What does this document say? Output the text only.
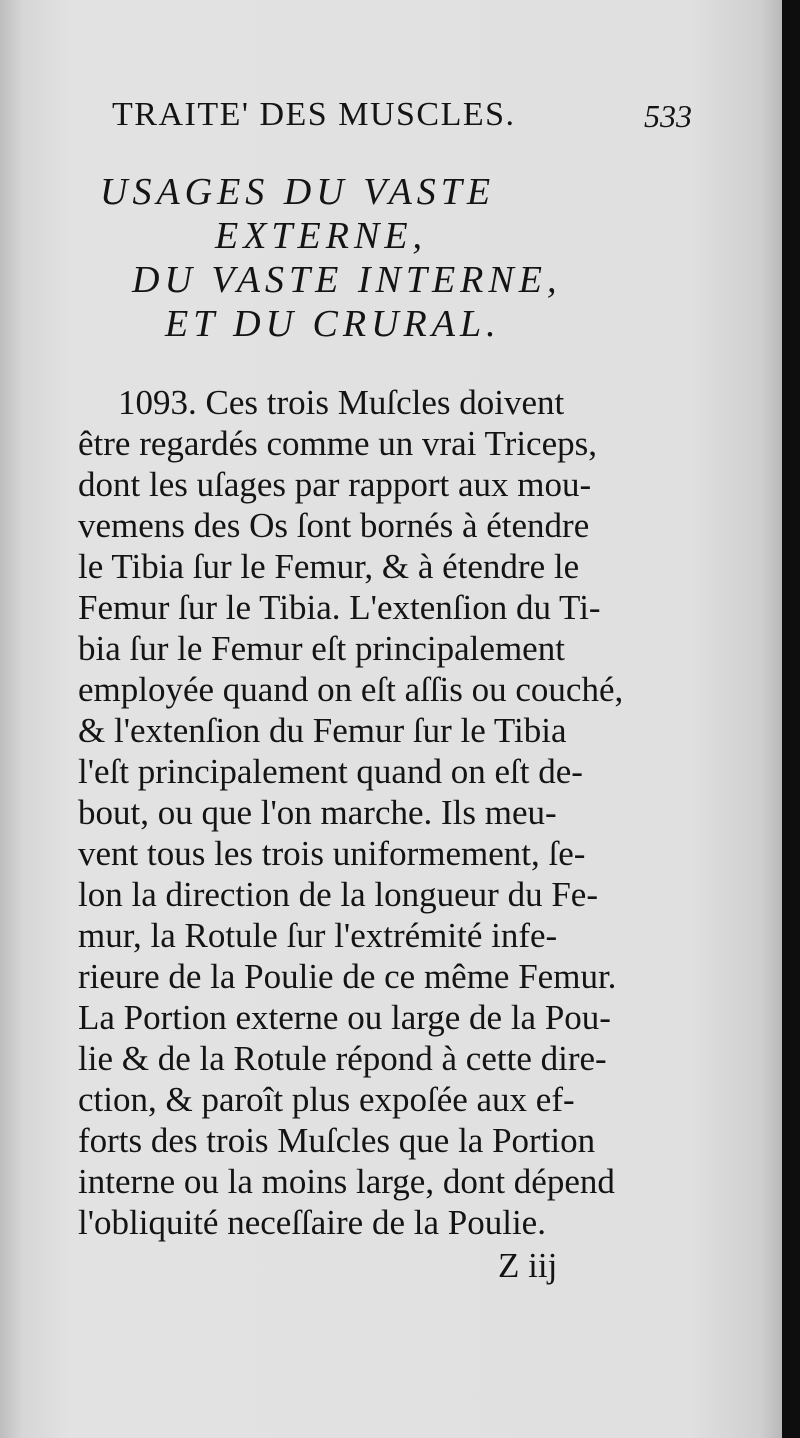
TRAITE' DES MUSCLES.	533
USAGES DU VASTE
EXTERNE,
DU VASTE INTERNE,
ET DU CRURAL.
1093. Ces trois Muſcles doivent
être regardés comme un vrai Triceps,
dont les uſages par rapport aux mou-
vemens des Os ſont bornés à étendre
le Tibia ſur le Femur, & à étendre le
Femur ſur le Tibia. L'extenſion du Ti-
bia ſur le Femur eſt principalement
employée quand on eſt aſſis ou couché,
& l'extenſion du Femur ſur le Tibia
l'eſt principalement quand on eſt de-
bout, ou que l'on marche. Ils meu-
vent tous les trois uniformement, ſe-
lon la direction de la longueur du Fe-
mur, la Rotule ſur l'extrémité infe-
rieure de la Poulie de ce même Femur.
La Portion externe ou large de la Pou-
lie & de la Rotule répond à cette dire-
ction, & paroît plus expoſée aux ef-
forts des trois Muſcles que la Portion
interne ou la moins large, dont dépend
l'obliquité neceſſaire de la Poulie.
Z iij
